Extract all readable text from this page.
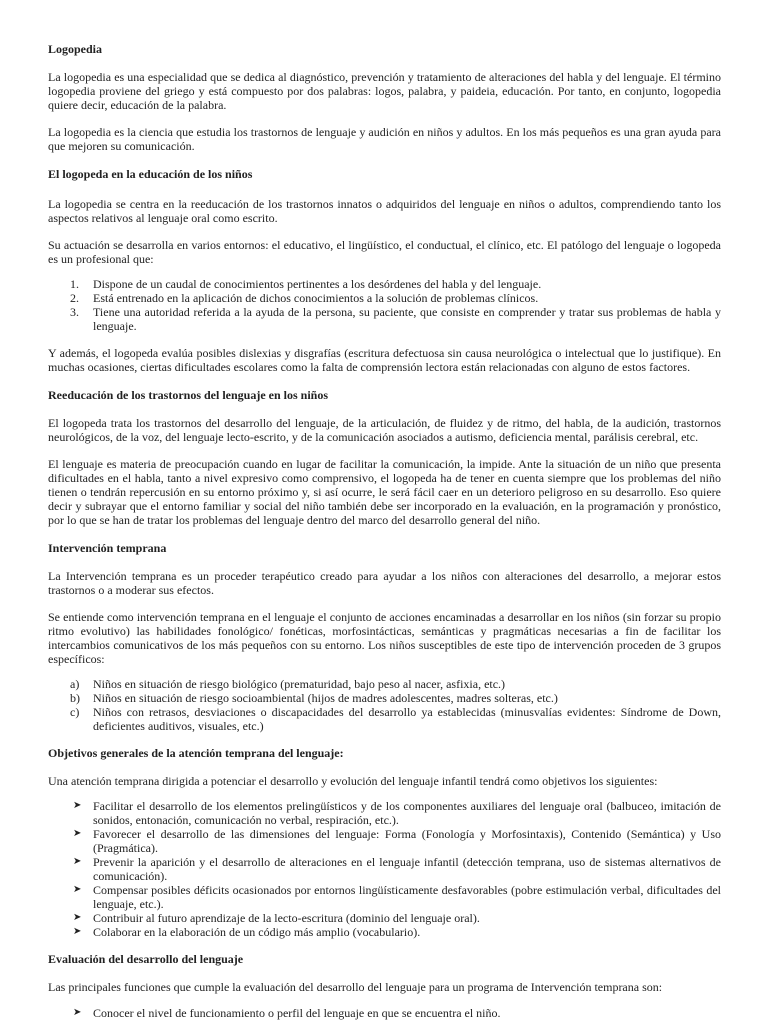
Logopedia

La logopedia es una especialidad que se dedica al diagnóstico, prevención y tratamiento de alteraciones del habla y del lenguaje. El término logopedia proviene del griego y está compuesto por dos palabras: logos, palabra, y paideia, educación. Por tanto, en conjunto, logopedia quiere decir, educación de la palabra.

La logopedia es la ciencia que estudia los trastornos de lenguaje y audición en niños y adultos. En los más pequeños es una gran ayuda para que mejoren su comunicación.

El logopeda en la educación de los niños

La logopedia se centra en la reeducación de los trastornos innatos o adquiridos del lenguaje en niños o adultos, comprendiendo tanto los aspectos relativos al lenguaje oral como escrito.

Su actuación se desarrolla en varios entornos: el educativo, el lingüístico, el conductual, el clínico, etc. El patólogo del lenguaje o logopeda es un profesional que:

1.	Dispone de un caudal de conocimientos pertinentes a los desórdenes del habla y del lenguaje.
2.	Está entrenado en la aplicación de dichos conocimientos a la solución de problemas clínicos.
3.	Tiene una autoridad referida a la ayuda de la persona, su paciente, que consiste en comprender y tratar sus problemas de habla y lenguaje.

Y además, el logopeda evalúa posibles dislexias y disgrafías (escritura defectuosa sin causa neurológica o intelectual que lo justifique). En muchas ocasiones, ciertas dificultades escolares como la falta de comprensión lectora están relacionadas con alguno de estos factores.

Reeducación de los trastornos del lenguaje en los niños

El logopeda trata los trastornos del desarrollo del lenguaje, de la articulación, de fluidez y de ritmo, del habla, de la audición, trastornos neurológicos, de la voz, del lenguaje lecto-escrito, y de la comunicación asociados a autismo, deficiencia mental, parálisis cerebral, etc.

El lenguaje es materia de preocupación cuando en lugar de facilitar la comunicación, la impide. Ante la situación de un niño que presenta dificultades en el habla, tanto a nivel expresivo como comprensivo, el logopeda ha de tener en cuenta siempre que los problemas del niño tienen o tendrán repercusión en su entorno próximo y, si así ocurre, le será fácil caer en un deterioro peligroso en su desarrollo. Eso quiere decir y subrayar que el entorno familiar y social del niño también debe ser incorporado en la evaluación, en la programación y pronóstico, por lo que se han de tratar los problemas del lenguaje dentro del marco del desarrollo general del niño.

Intervención temprana

La Intervención temprana es un proceder terapéutico creado para ayudar a los niños con alteraciones del desarrollo, a mejorar estos trastornos o a moderar sus efectos.

Se entiende como intervención temprana en el lenguaje el conjunto de acciones encaminadas a desarrollar en los niños (sin forzar su propio ritmo evolutivo) las habilidades fonológico/ fonéticas, morfosintácticas, semánticas y pragmáticas necesarias a fin de facilitar los intercambios comunicativos de los más pequeños con su entorno. Los niños susceptibles de este tipo de intervención proceden de 3 grupos específicos:

a)	Niños en situación de riesgo biológico (prematuridad, bajo peso al nacer, asfixia, etc.)
b)	Niños en situación de riesgo socioambiental (hijos de madres adolescentes, madres solteras, etc.)
c)	Niños con retrasos, desviaciones o discapacidades del desarrollo ya establecidas (minusvalías evidentes: Síndrome de Down, deficientes auditivos, visuales, etc.)
Objetivos generales de la atención temprana del lenguaje:

Una atención temprana dirigida a potenciar el desarrollo y evolución del lenguaje infantil tendrá como objetivos los siguientes:

➤ Facilitar el desarrollo de los elementos prelingüísticos y de los componentes auxiliares del lenguaje oral (balbuceo, imitación de sonidos, entonación, comunicación no verbal, respiración, etc.).
➤ Favorecer el desarrollo de las dimensiones del lenguaje: Forma (Fonología y Morfosintaxis), Contenido (Semántica) y Uso (Pragmática).
➤ Prevenir la aparición y el desarrollo de alteraciones en el lenguaje infantil (detección temprana, uso de sistemas alternativos de comunicación).
➤ Compensar posibles déficits ocasionados por entornos lingüísticamente desfavorables (pobre estimulación verbal, dificultades del lenguaje, etc.).
➤ Contribuir al futuro aprendizaje de la lecto-escritura (dominio del lenguaje oral).
➤ Colaborar en la elaboración de un código más amplio (vocabulario).
Evaluación del desarrollo del lenguaje

Las principales funciones que cumple la evaluación del desarrollo del lenguaje para un programa de Intervención temprana son:

➤ Conocer el nivel de funcionamiento o perfil del lenguaje en que se encuentra el niño.
